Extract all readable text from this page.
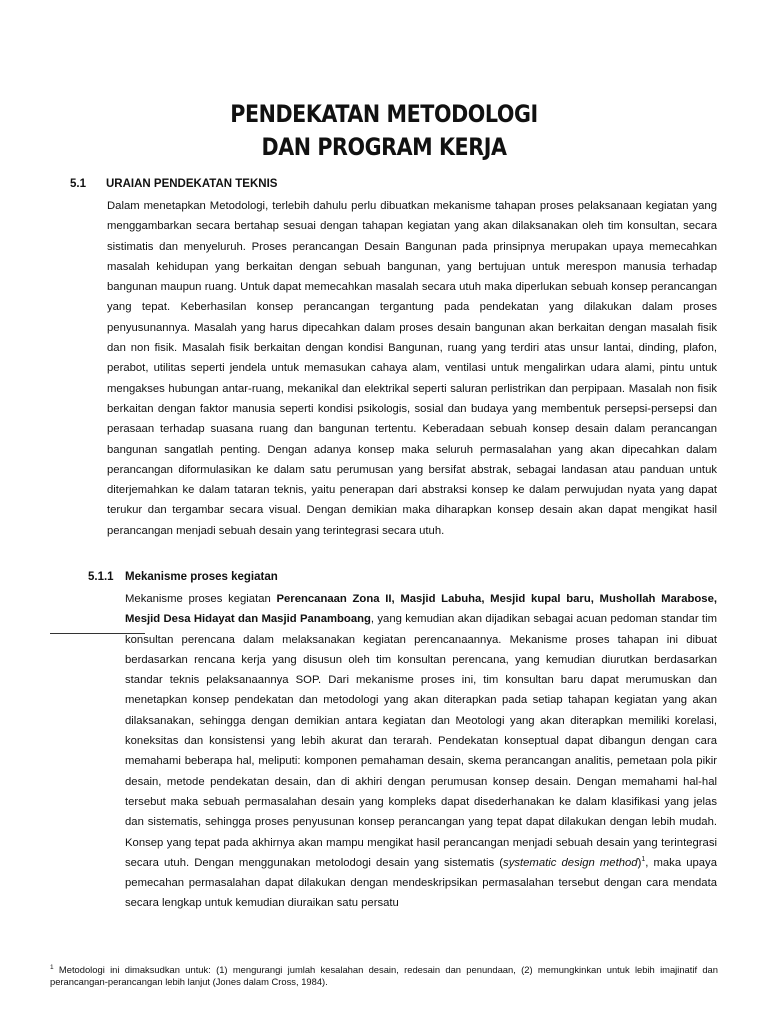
PENDEKATAN METODOLOGI
DAN PROGRAM KERJA
5.1 URAIAN PENDEKATAN TEKNIS

Dalam menetapkan Metodologi, terlebih dahulu perlu dibuatkan mekanisme tahapan proses pelaksanaan kegiatan yang menggambarkan secara bertahap sesuai dengan tahapan kegiatan yang akan dilaksanakan oleh tim konsultan, secara sistimatis dan menyeluruh. Proses perancangan Desain Bangunan pada prinsipnya merupakan upaya memecahkan masalah kehidupan yang berkaitan dengan sebuah bangunan, yang bertujuan untuk merespon manusia terhadap bangunan maupun ruang. Untuk dapat memecahkan masalah secara utuh maka diperlukan sebuah konsep perancangan yang tepat. Keberhasilan konsep perancangan tergantung pada pendekatan yang dilakukan dalam proses penyusunannya. Masalah yang harus dipecahkan dalam proses desain bangunan akan berkaitan dengan masalah fisik dan non fisik. Masalah fisik berkaitan dengan kondisi Bangunan, ruang yang terdiri atas unsur lantai, dinding, plafon, perabot, utilitas seperti jendela untuk memasukan cahaya alam, ventilasi untuk mengalirkan udara alami, pintu untuk mengakses hubungan antar-ruang, mekanikal dan elektrikal seperti saluran perlistrikan dan perpipaan. Masalah non fisik berkaitan dengan faktor manusia seperti kondisi psikologis, sosial dan budaya yang membentuk persepsi-persepsi dan perasaan terhadap suasana ruang dan bangunan tertentu. Keberadaan sebuah konsep desain dalam perancangan bangunan sangatlah penting. Dengan adanya konsep maka seluruh permasalahan yang akan dipecahkan dalam perancangan diformulasikan ke dalam satu perumusan yang bersifat abstrak, sebagai landasan atau panduan untuk diterjemahkan ke dalam tataran teknis, yaitu penerapan dari abstraksi konsep ke dalam perwujudan nyata yang dapat terukur dan tergambar secara visual. Dengan demikian maka diharapkan konsep desain akan dapat mengikat hasil perancangan menjadi sebuah desain yang terintegrasi secara utuh.

5.1.1 Mekanisme proses kegiatan

Mekanisme proses kegiatan Perencanaan Zona II, Masjid Labuha, Mesjid kupal baru, Mushollah Marabose, Mesjid Desa Hidayat dan Masjid Panamboang, yang kemudian akan dijadikan sebagai acuan pedoman standar tim konsultan perencana dalam melaksanakan kegiatan perencanaannya. Mekanisme proses tahapan ini dibuat berdasarkan rencana kerja yang disusun oleh tim konsultan perencana, yang kemudian diurutkan berdasarkan standar teknis pelaksanaannya SOP. Dari mekanisme proses ini, tim konsultan baru dapat merumuskan dan menetapkan konsep pendekatan dan metodologi yang akan diterapkan pada setiap tahapan kegiatan yang akan dilaksanakan, sehingga dengan demikian antara kegiatan dan Meotologi yang akan diterapkan memiliki korelasi, koneksitas dan konsistensi yang lebih akurat dan terarah. Pendekatan konseptual dapat dibangun dengan cara memahami beberapa hal, meliputi: komponen pemahaman desain, skema perancangan analitis, pemetaan pola pikir desain, metode pendekatan desain, dan di akhiri dengan perumusan konsep desain. Dengan memahami hal-hal tersebut maka sebuah permasalahan desain yang kompleks dapat disederhanakan ke dalam klasifikasi yang jelas dan sistematis, sehingga proses penyusunan konsep perancangan yang tepat dapat dilakukan dengan lebih mudah. Konsep yang tepat pada akhirnya akan mampu mengikat hasil perancangan menjadi sebuah desain yang terintegrasi secara utuh. Dengan menggunakan metolodogi desain yang sistematis (systematic design method)$^1$, maka upaya pemecahan permasalahan dapat dilakukan dengan mendeskripsikan permasalahan tersebut dengan cara mendata secara lengkap untuk kemudian diuraikan satu persatu

$^1$ Metodologi ini dimaksudkan untuk: (1) mengurangi jumlah kesalahan desain, redesain dan penundaan, (2) memungkinkan untuk lebih imajinatif dan perancangan-perancangan lebih lanjut (Jones dalam Cross, 1984).
